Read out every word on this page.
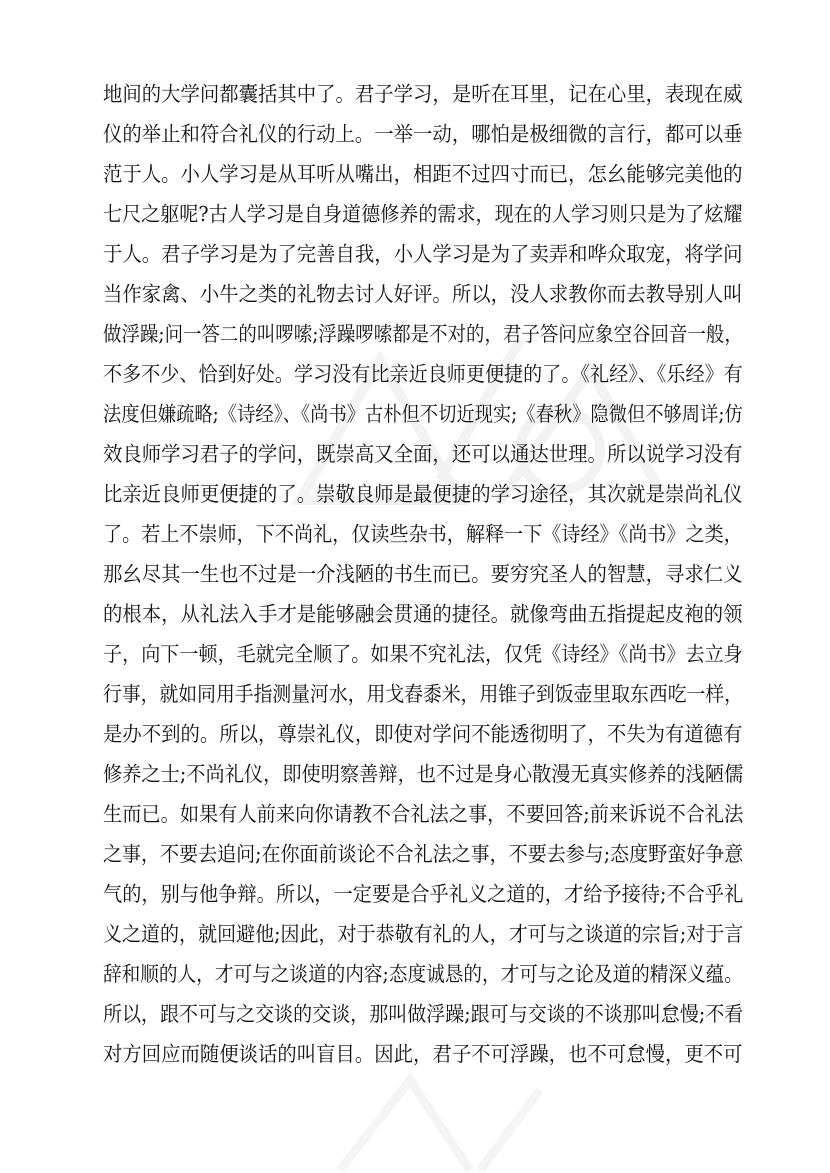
地间的大学问都囊括其中了。君子学习，是听在耳里，记在心里，表现在威
仪的举止和符合礼仪的行动上。一举一动，哪怕是极细微的言行，都可以垂
范于人。小人学习是从耳听从嘴出，相距不过四寸而已，怎幺能够完美他的
七尺之躯呢?古人学习是自身道德修养的需求，现在的人学习则只是为了炫耀
于人。君子学习是为了完善自我，小人学习是为了卖弄和哗众取宠，将学问
当作家禽、小牛之类的礼物去讨人好评。所以，没人求教你而去教导别人叫
做浮躁;问一答二的叫啰嗦;浮躁啰嗦都是不对的，君子答问应象空谷回音一般，
不多不少、恰到好处。学习没有比亲近良师更便捷的了。《礼经》、《乐经》有
法度但嫌疏略;《诗经》、《尚书》古朴但不切近现实;《春秋》隐微但不够周详;仿
效良师学习君子的学问，既崇高又全面，还可以通达世理。所以说学习没有
比亲近良师更便捷的了。崇敬良师是最便捷的学习途径，其次就是崇尚礼仪
了。若上不崇师，下不尚礼，仅读些杂书，解释一下《诗经》《尚书》之类，
那幺尽其一生也不过是一介浅陋的书生而已。要穷究圣人的智慧，寻求仁义
的根本，从礼法入手才是能够融会贯通的捷径。就像弯曲五指提起皮袍的领
子，向下一顿，毛就完全顺了。如果不究礼法，仅凭《诗经》《尚书》去立身
行事，就如同用手指测量河水，用戈舂黍米，用锥子到饭壶里取东西吃一样，
是办不到的。所以，尊崇礼仪，即使对学问不能透彻明了，不失为有道德有
修养之士;不尚礼仪，即使明察善辩，也不过是身心散漫无真实修养的浅陋儒
生而已。如果有人前来向你请教不合礼法之事，不要回答;前来诉说不合礼法
之事，不要去追问;在你面前谈论不合礼法之事，不要去参与;态度野蛮好争意
气的，别与他争辩。所以，一定要是合乎礼义之道的，才给予接待;不合乎礼
义之道的，就回避他;因此，对于恭敬有礼的人，才可与之谈道的宗旨;对于言
辞和顺的人，才可与之谈道的内容;态度诚恳的，才可与之论及道的精深义蕴。
所以，跟不可与之交谈的交谈，那叫做浮躁;跟可与交谈的不谈那叫怠慢;不看
对方回应而随便谈话的叫盲目。因此，君子不可浮躁，也不可怠慢，更不可
